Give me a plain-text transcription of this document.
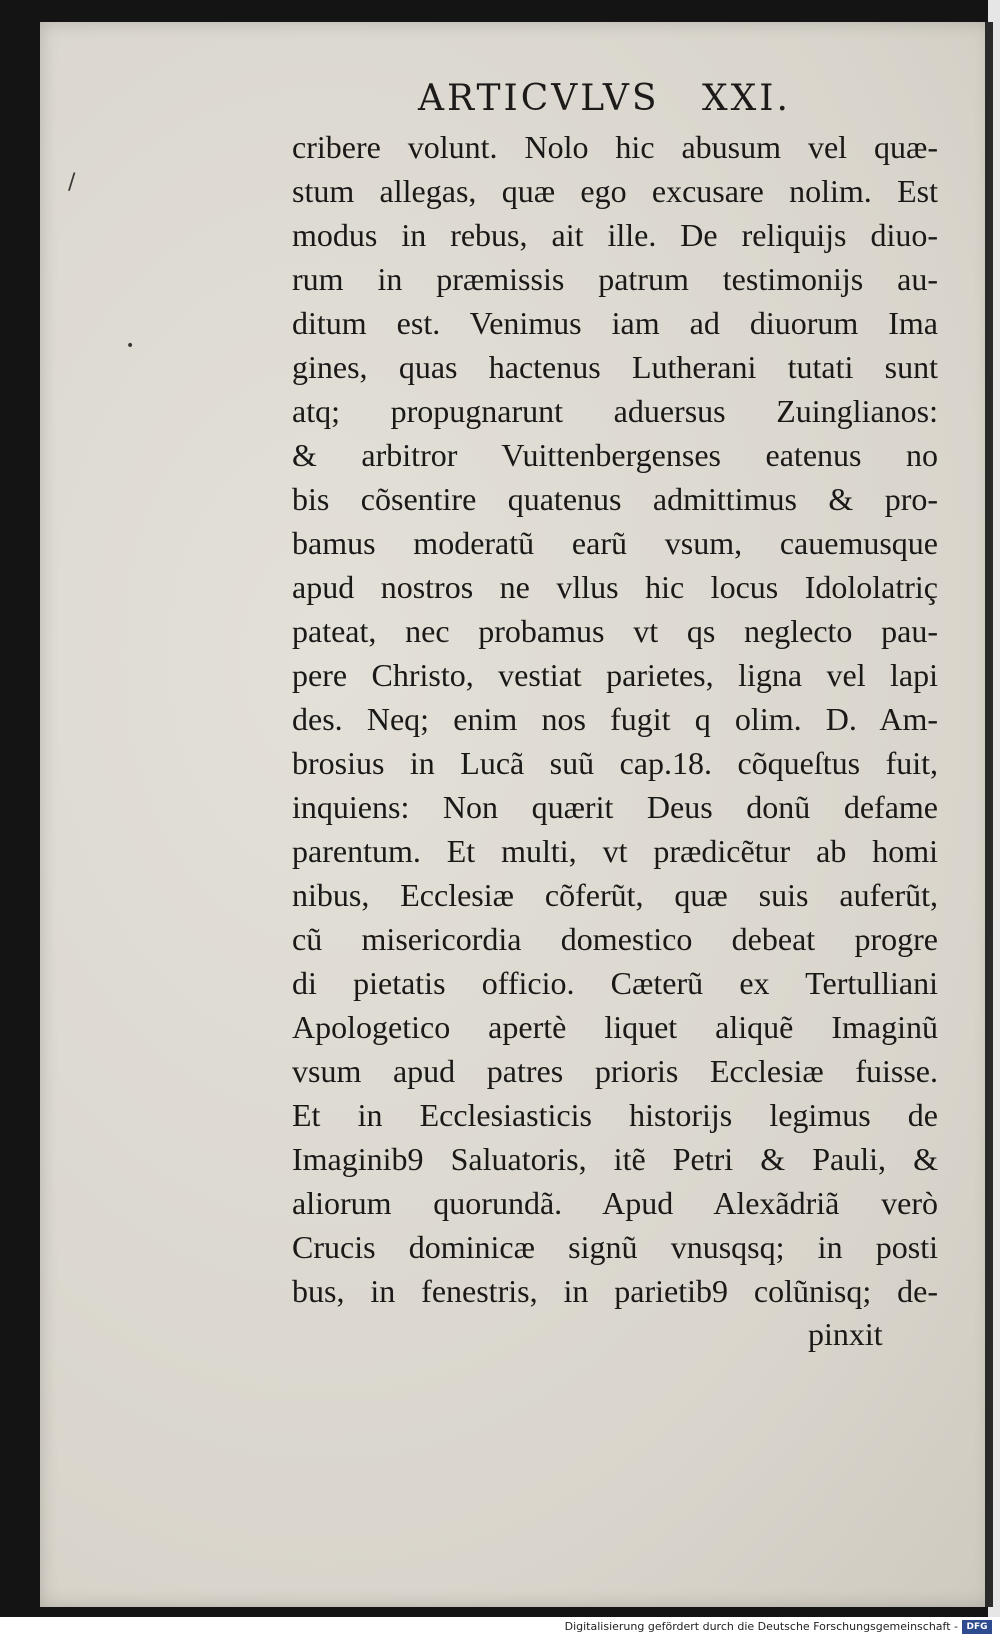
ARTICVLVS XXI.
cribere volunt. Nolo hic abusum vel quæ-
stum allegas, quæ ego excusare nolim. Est
modus in rebus, ait ille. De reliquijs diuo-
rum in præmissis patrum testimonijs au-
ditum est. Venimus iam ad diuorum Ima
gines, quas hactenus Lutherani tutati sunt
atq; propugnarunt aduersus Zuinglianos:
& arbitror Vuittenbergenses eatenus no
bis cõsentire quatenus admittimus & pro-
bamus moderatũ earũ vsum, cauemusque
apud nostros ne vllus hic locus Idololatriç
pateat, nec probamus vt qs neglecto pau-
pere Christo, vestiat parietes, ligna vel lapi
des. Neq; enim nos fugit q olim. D. Am-
brosius in Lucã suũ cap.18. cõqueſtus fuit,
inquiens: Non quærit Deus donũ defame
parentum. Et multi, vt prædicẽtur ab homi
nibus, Ecclesiæ cõferũt, quæ suis auferũt,
cũ misericordia domestico debeat progre
di pietatis officio. Cæterũ ex Tertulliani
Apologetico apertè liquet aliquẽ Imaginũ
vsum apud patres prioris Ecclesiæ fuisse.
Et in Ecclesiasticis historijs legimus de
Imaginib9 Saluatoris, itẽ Petri & Pauli, &
aliorum quorundã. Apud Alexãdriã verò
Crucis dominicæ signũ vnusqsq; in posti
bus, in fenestris, in parietib9 colũnisq; de-
pinxit
/
•
Digitalisierung gefördert durch die Deutsche Forschungsgemeinschaft - DFG
